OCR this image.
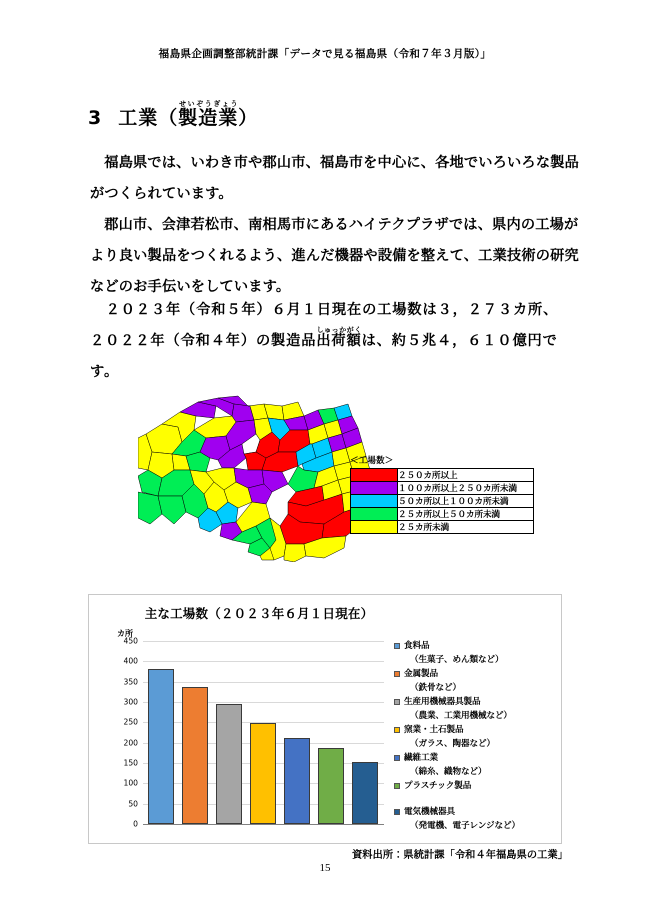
福島県企画調整部統計課「データで見る福島県（令和７年３月版）」
3 工業（製造業せいぞうぎょう）

福島県では、いわき市や郡山市、福島市を中心に、各地でいろいろな製品がつくられています。

郡山市、会津若松市、南相馬市にあるハイテクプラザでは、県内の工場がより良い製品をつくれるよう、進んだ機器や設備を整えて、工業技術の研究などのお手伝いをしています。

２０２３年（令和５年）６月１日現在の工場数は３，２７３カ所、

２０２２年（令和４年）の製造品出荷額しゅっかがくは、約５兆４，６１０億円です。

＜工場数＞
	２５０カ所以上
	１００カ所以上２５０カ所未満
	５０カ所以上１００カ所未満
	２５カ所以上５０カ所未満
	２５カ所未満
主な工場数（２０２３年６月１日現在）
カ所
450
400
350
300
250
200
150
100
50
0
食料品
（生菓子、めん類など）
金属製品
（鉄骨など）
生産用機械器具製品
（農業、工業用機械など）
窯業・土石製品
（ガラス、陶器など）
繊維工業
（綿糸、織物など）
プラスチック製品
電気機械器具
（発電機、電子レンジなど）
資料出所：県統計課「令和４年福島県の工業」
15
